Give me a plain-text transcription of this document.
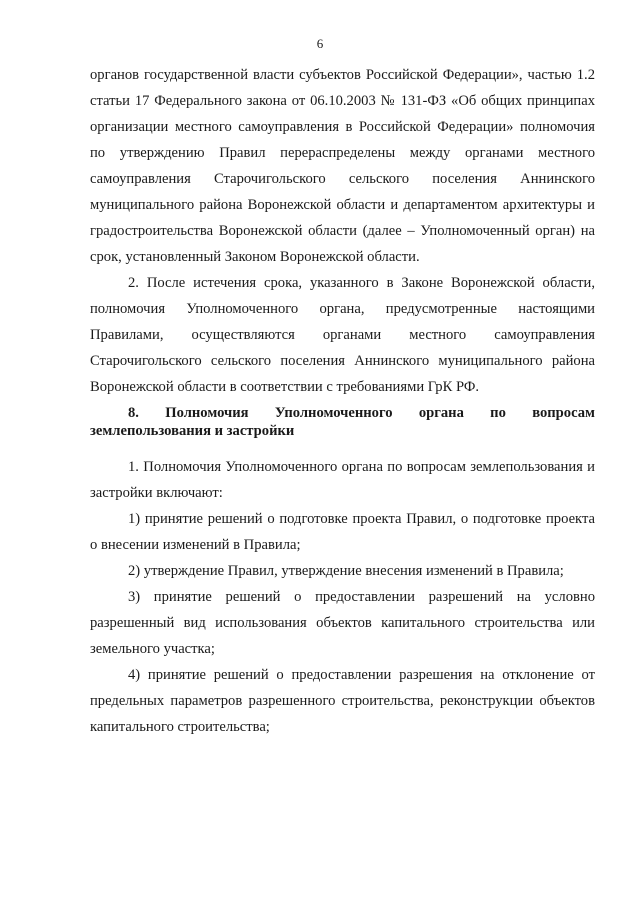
6

органов государственной власти субъектов Российской Федерации», частью 1.2 статьи 17 Федерального закона от 06.10.2003 № 131-ФЗ «Об общих принципах организации местного самоуправления в Российской Федерации» полномочия по утверждению Правил перераспределены между органами местного самоуправления Старочигольского сельского поселения Аннинского муниципального района Воронежской области и департаментом архитектуры и градостроительства Воронежской области (далее – Уполномоченный орган) на срок, установленный Законом Воронежской области.

2. После истечения срока, указанного в Законе Воронежской области, полномочия Уполномоченного органа, предусмотренные настоящими Правилами, осуществляются органами местного самоуправления Старочигольского сельского поселения Аннинского муниципального района Воронежской области в соответствии с требованиями ГрК РФ.

8. Полномочия Уполномоченного органа по вопросам землепользования и застройки

1. Полномочия Уполномоченного органа по вопросам землепользования и застройки включают:

1) принятие решений о подготовке проекта Правил, о подготовке проекта о внесении изменений в Правила;

2) утверждение Правил, утверждение внесения изменений в Правила;

3) принятие решений о предоставлении разрешений на условно разрешенный вид использования объектов капитального строительства или земельного участка;

4) принятие решений о предоставлении разрешения на отклонение от предельных параметров разрешенного строительства, реконструкции объектов капитального строительства;
